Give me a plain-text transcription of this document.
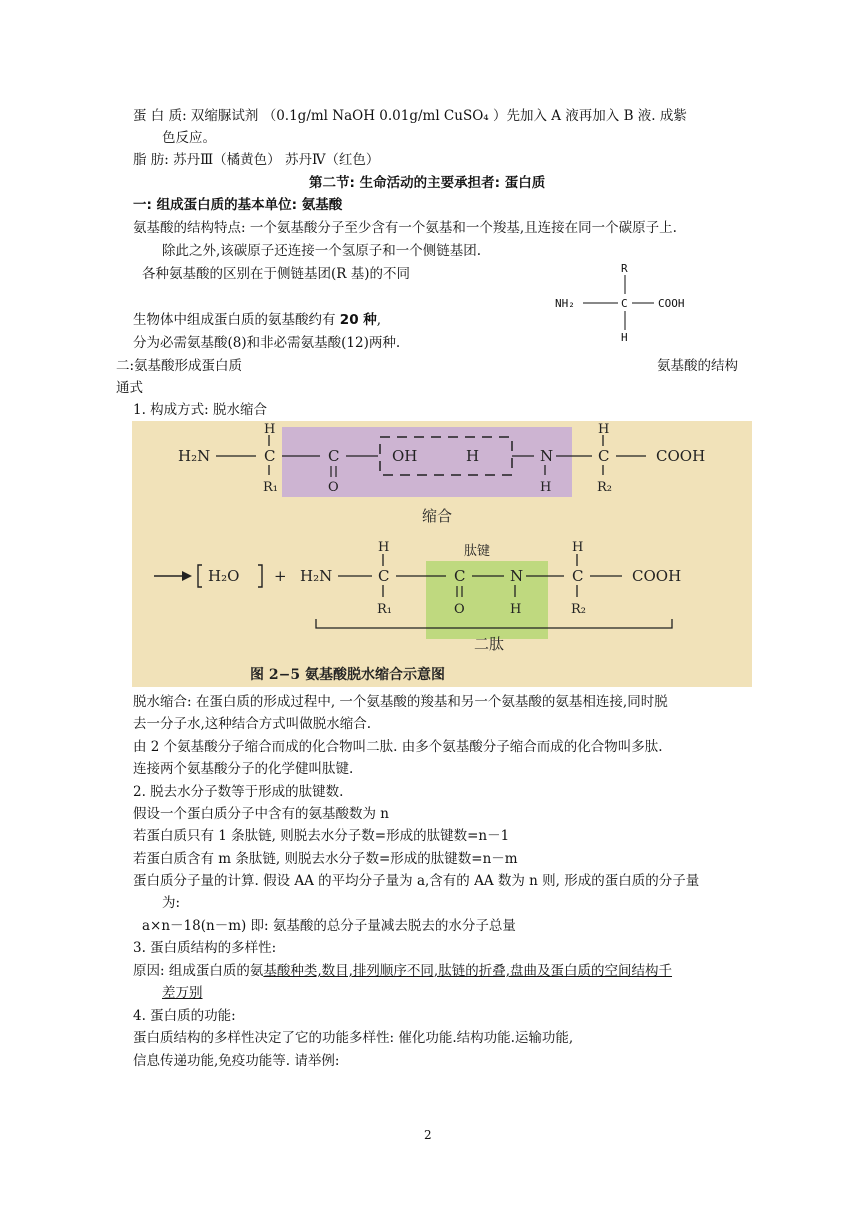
蛋 白 质: 双缩脲试剂 （0.1g/ml NaOH 0.01g/ml CuSO₄ ）先加入 A 液再加入 B 液. 成紫
色反应。
脂 肪: 苏丹Ⅲ（橘黄色） 苏丹Ⅳ（红色）
第二节: 生命活动的主要承担者: 蛋白质
一: 组成蛋白质的基本单位: 氨基酸
氨基酸的结构特点: 一个氨基酸分子至少含有一个氨基和一个羧基,且连接在同一个碳原子上.
除此之外,该碳原子还连接一个氢原子和一个侧链基团.
各种氨基酸的区别在于侧链基团(R 基)的不同
生物体中组成蛋白质的氨基酸约有 20 种,
分为必需氨基酸(8)和非必需氨基酸(12)两种.
二:氨基酸形成蛋白质	氨基酸的结构
通式
1. 构成方式: 脱水缩合
R
NH₂	C	COOH
H
H₂N	C
H
R₁
C
O
OH	H	N
H
C
H
R₂
COOH
缩合
H₂O + H₂N	C
H
R₁
C
O
N
H
C
H
R₂
COOH
肽键
二肽
图 2−5 氨基酸脱水缩合示意图
脱水缩合: 在蛋白质的形成过程中, 一个氨基酸的羧基和另一个氨基酸的氨基相连接,同时脱
去一分子水,这种结合方式叫做脱水缩合.
由 2 个氨基酸分子缩合而成的化合物叫二肽. 由多个氨基酸分子缩合而成的化合物叫多肽.
连接两个氨基酸分子的化学健叫肽键.
2. 脱去水分子数等于形成的肽键数.
假设一个蛋白质分子中含有的氨基酸数为 n
若蛋白质只有 1 条肽链, 则脱去水分子数=形成的肽键数=n－1
若蛋白质含有 m 条肽链, 则脱去水分子数=形成的肽键数=n－m
蛋白质分子量的计算. 假设 AA 的平均分子量为 a,含有的 AA 数为 n 则, 形成的蛋白质的分子量
为:
a×n－18(n－m) 即: 氨基酸的总分子量减去脱去的水分子总量
3. 蛋白质结构的多样性:
原因: 组成蛋白质的氨基酸种类,数目,排列顺序不同,肽链的折叠,盘曲及蛋白质的空间结构千
差万别
4. 蛋白质的功能:
蛋白质结构的多样性决定了它的功能多样性: 催化功能.结构功能.运输功能,
信息传递功能,免疫功能等. 请举例:
2
